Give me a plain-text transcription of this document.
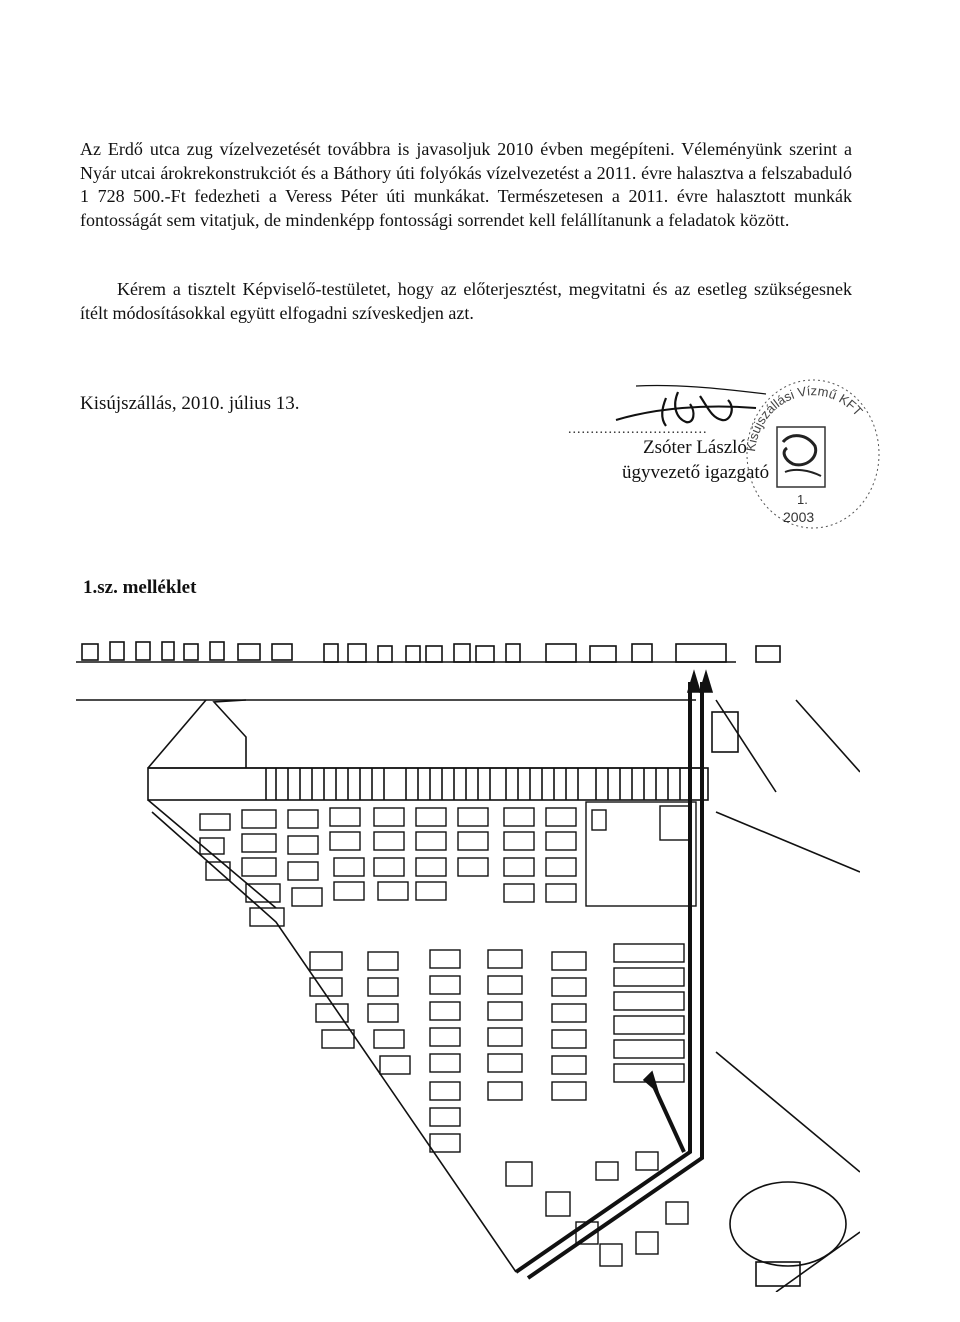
Az Erdő utca zug vízelvezetését továbbra is javasoljuk 2010 évben megépíteni. Véleményünk szerint a Nyár utcai árokrekonstrukciót és a Báthory úti folyókás vízelvezetést a 2011. évre halasztva a felszabaduló 1 728 500.-Ft fedezheti a Veress Péter úti munkákat. Természetesen a 2011. évre halasztott munkák fontosságát sem vitatjuk, de mindenképp fontossági sorrendet kell felállítanunk a feladatok között.

Kérem a tisztelt Képviselő-testületet, hogy az előterjesztést, megvitatni és az esetleg szükségesnek ítélt módosításokkal együtt elfogadni szíveskedjen azt.

Kisújszállás, 2010. július 13.
...............................
Zsóter László
ügyvezető igazgató
Kisújszállási Vízmű KFT
1.
2003
1.sz. melléklet
